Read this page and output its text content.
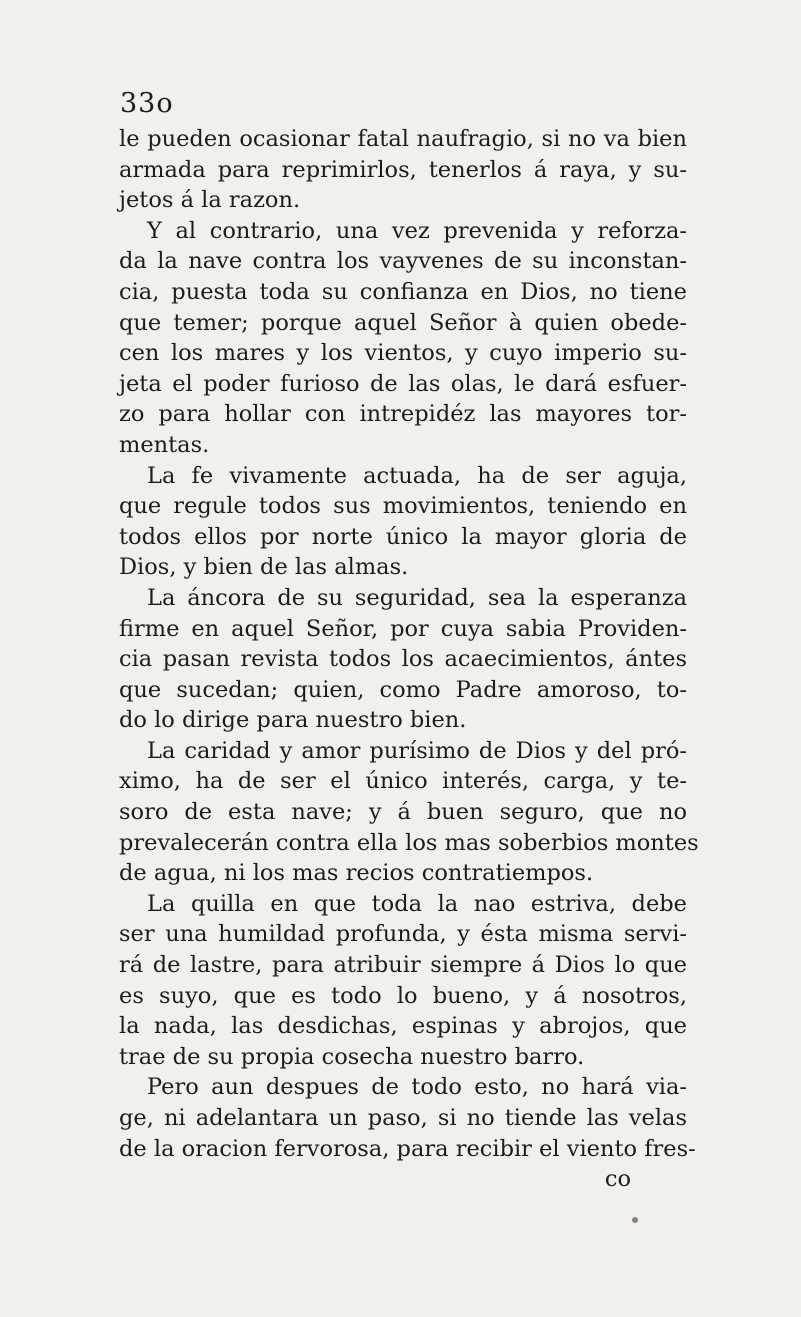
33o
le pueden ocasionar fatal naufragio, si no va bien
armada para reprimirlos, tenerlos á raya, y su-
jetos á la razon.
Y al contrario, una vez prevenida y reforza-
da la nave contra los vayvenes de su inconstan-
cia, puesta toda su confianza en Dios, no tiene
que temer; porque aquel Señor à quien obede-
cen los mares y los vientos, y cuyo imperio su-
jeta el poder furioso de las olas, le dará esfuer-
zo para hollar con intrepidéz las mayores tor-
mentas.
La fe vivamente actuada, ha de ser aguja,
que regule todos sus movimientos, teniendo en
todos ellos por norte único la mayor gloria de
Dios, y bien de las almas.
La áncora de su seguridad, sea la esperanza
firme en aquel Señor, por cuya sabia Providen-
cia pasan revista todos los acaecimientos, ántes
que sucedan; quien, como Padre amoroso, to-
do lo dirige para nuestro bien.
La caridad y amor purísimo de Dios y del pró-
ximo, ha de ser el único interés, carga, y te-
soro de esta nave; y á buen seguro, que no
prevalecerán contra ella los mas soberbios montes
de agua, ni los mas recios contratiempos.
La quilla en que toda la nao estriva, debe
ser una humildad profunda, y ésta misma servi-
rá de lastre, para atribuir siempre á Dios lo que
es suyo, que es todo lo bueno, y á nosotros,
la nada, las desdichas, espinas y abrojos, que
trae de su propia cosecha nuestro barro.
Pero aun despues de todo esto, no hará via-
ge, ni adelantara un paso, si no tiende las velas
de la oracion fervorosa, para recibir el viento fres-
co
